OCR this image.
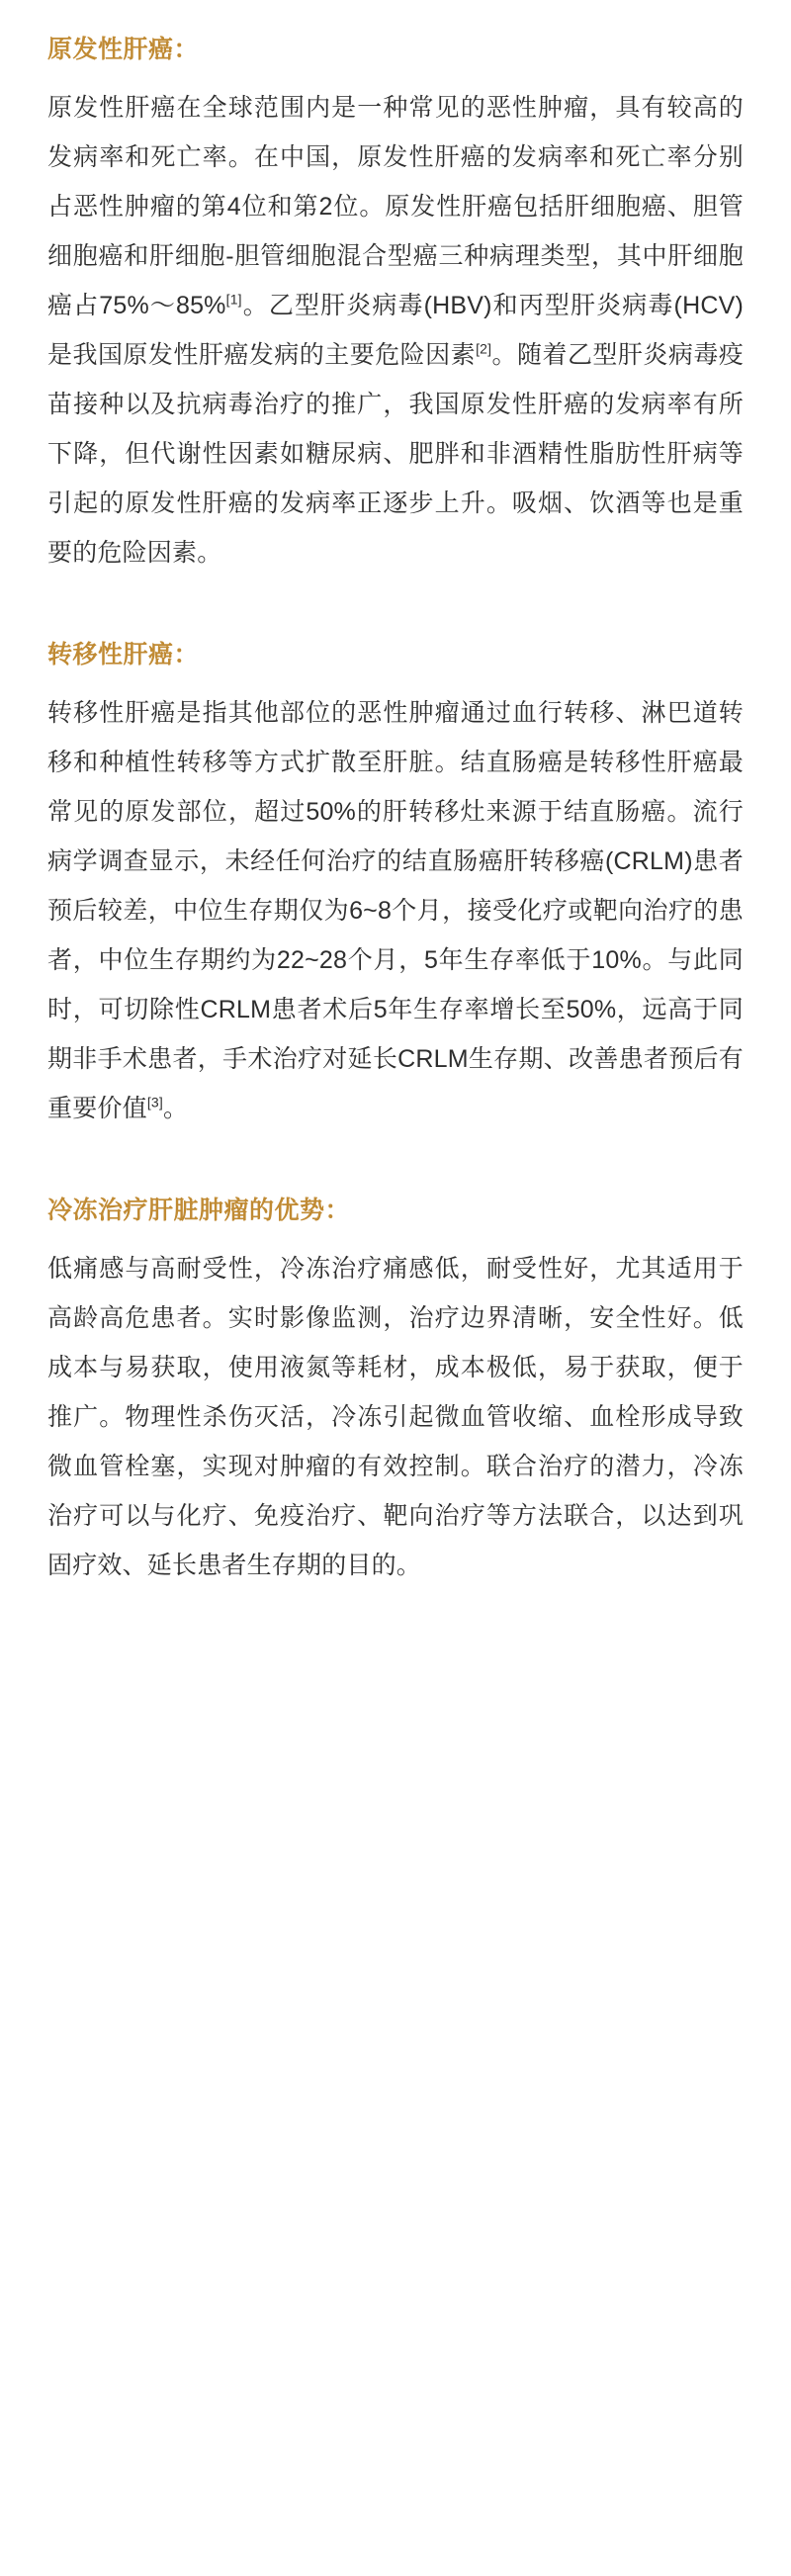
原发性肝癌：

原发性肝癌在全球范围内是一种常见的恶性肿瘤，具有较高的发病率和死亡率。在中国，原发性肝癌的发病率和死亡率分别占恶性肿瘤的第4位和第2位。原发性肝癌包括肝细胞癌、胆管细胞癌和肝细胞-胆管细胞混合型癌三种病理类型，其中肝细胞癌占75%～85%[1]。乙型肝炎病毒(HBV)和丙型肝炎病毒(HCV)是我国原发性肝癌发病的主要危险因素[2]。随着乙型肝炎病毒疫苗接种以及抗病毒治疗的推广，我国原发性肝癌的发病率有所下降，但代谢性因素如糖尿病、肥胖和非酒精性脂肪性肝病等引起的原发性肝癌的发病率正逐步上升。吸烟、饮酒等也是重要的危险因素。

转移性肝癌：

转移性肝癌是指其他部位的恶性肿瘤通过血行转移、淋巴道转移和种植性转移等方式扩散至肝脏。结直肠癌是转移性肝癌最常见的原发部位，超过50%的肝转移灶来源于结直肠癌。流行病学调查显示，未经任何治疗的结直肠癌肝转移癌(CRLM)患者预后较差，中位生存期仅为6~8个月，接受化疗或靶向治疗的患者，中位生存期约为22~28个月，5年生存率低于10%。与此同时，可切除性CRLM患者术后5年生存率增长至50%，远高于同期非手术患者，手术治疗对延长CRLM生存期、改善患者预后有重要价值[3]。

冷冻治疗肝脏肿瘤的优势：

低痛感与高耐受性，冷冻治疗痛感低，耐受性好，尤其适用于高龄高危患者。实时影像监测，治疗边界清晰，安全性好。低成本与易获取，使用液氮等耗材，成本极低，易于获取，便于推广。物理性杀伤灭活，冷冻引起微血管收缩、血栓形成导致微血管栓塞，实现对肿瘤的有效控制。联合治疗的潜力，冷冻治疗可以与化疗、免疫治疗、靶向治疗等方法联合，以达到巩固疗效、延长患者生存期的目的。
